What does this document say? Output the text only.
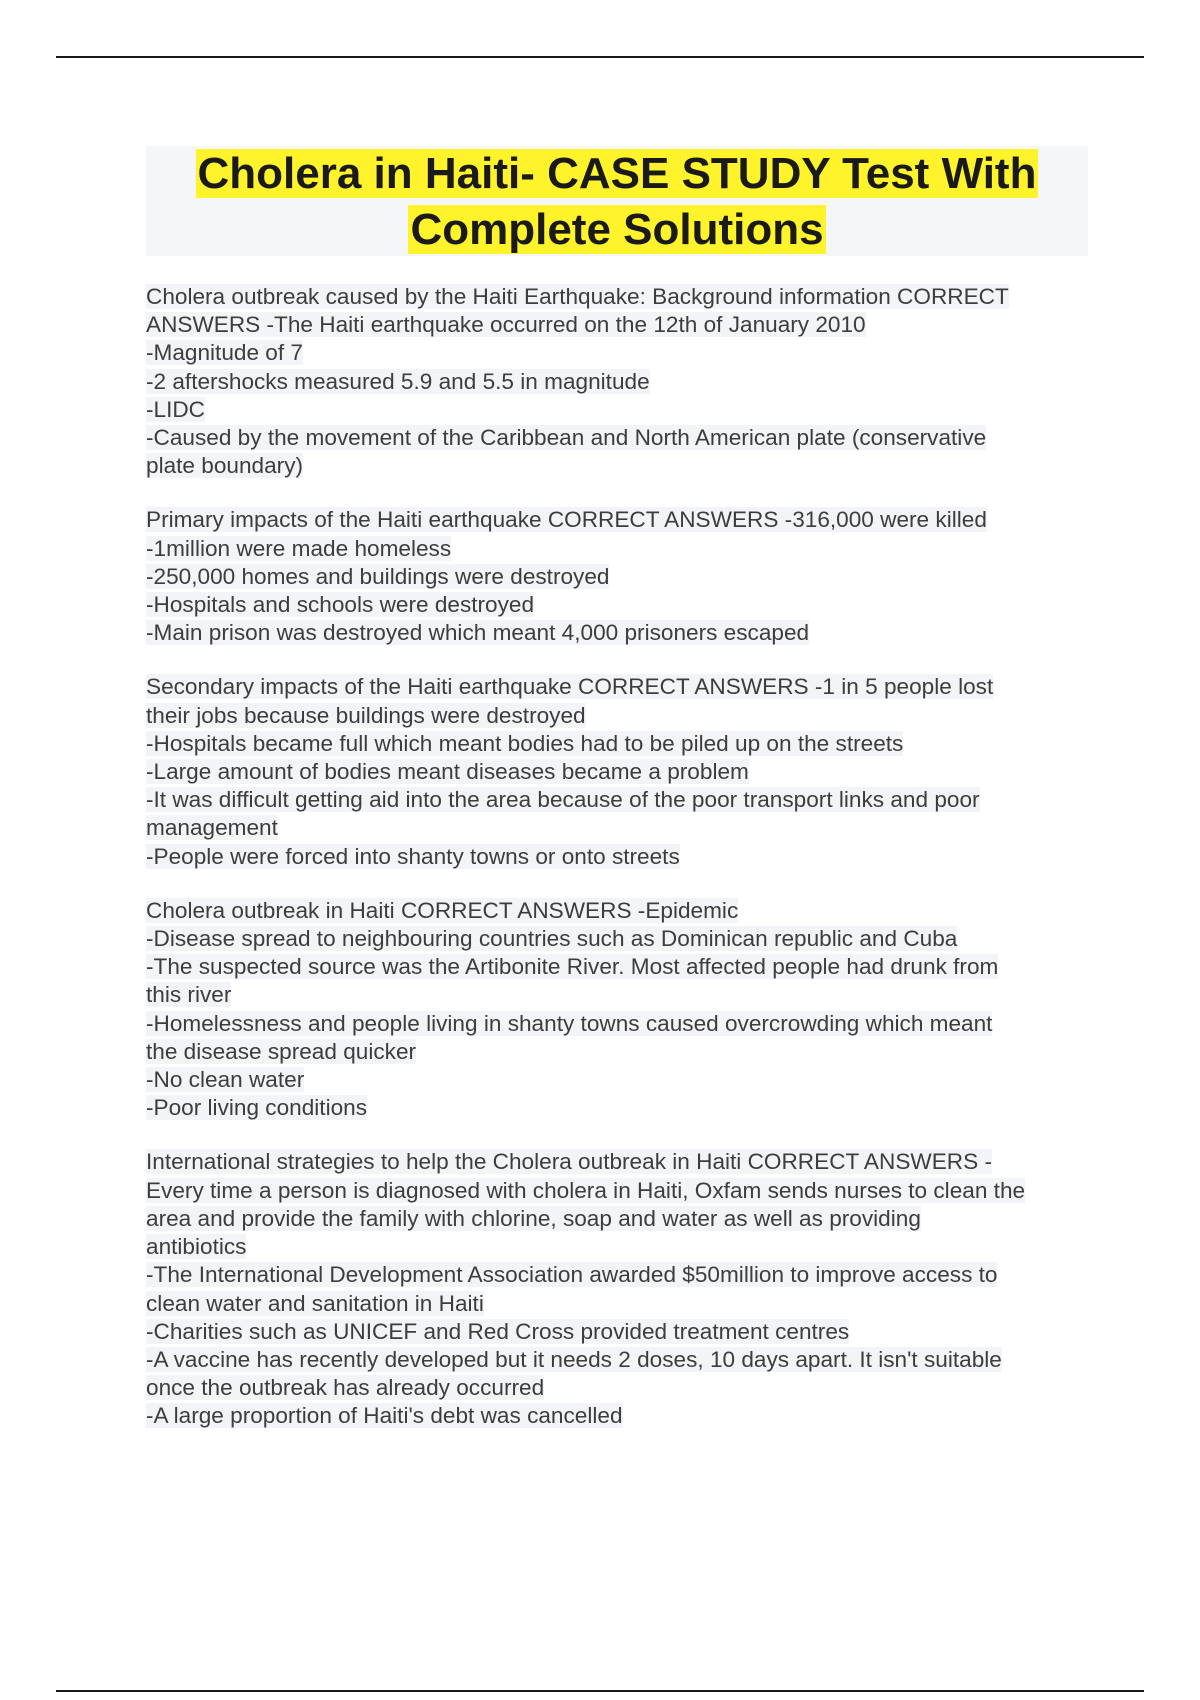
Cholera in Haiti- CASE STUDY Test With
Complete Solutions
Cholera outbreak caused by the Haiti Earthquake: Background information CORRECT
ANSWERS -The Haiti earthquake occurred on the 12th of January 2010
-Magnitude of 7
-2 aftershocks measured 5.9 and 5.5 in magnitude
-LIDC
-Caused by the movement of the Caribbean and North American plate (conservative
plate boundary)
Primary impacts of the Haiti earthquake CORRECT ANSWERS -316,000 were killed
-1million were made homeless
-250,000 homes and buildings were destroyed
-Hospitals and schools were destroyed
-Main prison was destroyed which meant 4,000 prisoners escaped
Secondary impacts of the Haiti earthquake CORRECT ANSWERS -1 in 5 people lost
their jobs because buildings were destroyed
-Hospitals became full which meant bodies had to be piled up on the streets
-Large amount of bodies meant diseases became a problem
-It was difficult getting aid into the area because of the poor transport links and poor
management
-People were forced into shanty towns or onto streets
Cholera outbreak in Haiti CORRECT ANSWERS -Epidemic
-Disease spread to neighbouring countries such as Dominican republic and Cuba
-The suspected source was the Artibonite River. Most affected people had drunk from
this river
-Homelessness and people living in shanty towns caused overcrowding which meant
the disease spread quicker
-No clean water
-Poor living conditions
International strategies to help the Cholera outbreak in Haiti CORRECT ANSWERS -
Every time a person is diagnosed with cholera in Haiti, Oxfam sends nurses to clean the
area and provide the family with chlorine, soap and water as well as providing
antibiotics
-The International Development Association awarded $50million to improve access to
clean water and sanitation in Haiti
-Charities such as UNICEF and Red Cross provided treatment centres
-A vaccine has recently developed but it needs 2 doses, 10 days apart. It isn't suitable
once the outbreak has already occurred
-A large proportion of Haiti's debt was cancelled
